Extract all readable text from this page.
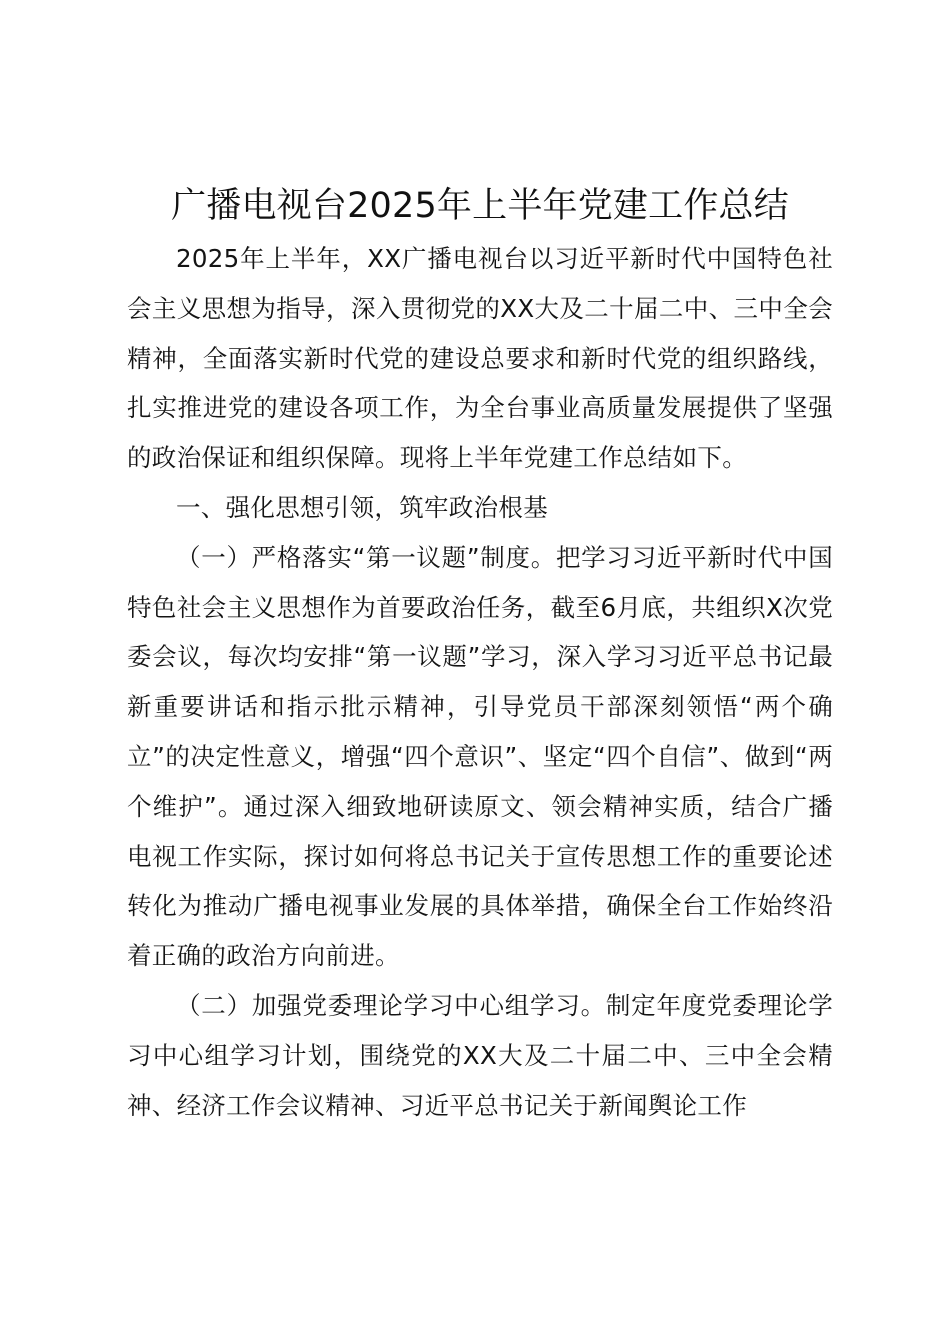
广播电视台2025年上半年党建工作总结

2025年上半年，XX广播电视台以习近平新时代中国特色社会主义思想为指导，深入贯彻党的XX大及二十届二中、三中全会精神，全面落实新时代党的建设总要求和新时代党的组织路线，扎实推进党的建设各项工作，为全台事业高质量发展提供了坚强的政治保证和组织保障。现将上半年党建工作总结如下。

一、强化思想引领，筑牢政治根基

（一）严格落实“第一议题”制度。把学习习近平新时代中国特色社会主义思想作为首要政治任务，截至6月底，共组织X次党委会议，每次均安排“第一议题”学习，深入学习习近平总书记最新重要讲话和指示批示精神，引导党员干部深刻领悟“两个确立”的决定性意义，增强“四个意识”、坚定“四个自信”、做到“两个维护”。通过深入细致地研读原文、领会精神实质，结合广播电视工作实际，探讨如何将总书记关于宣传思想工作的重要论述转化为推动广播电视事业发展的具体举措，确保全台工作始终沿着正确的政治方向前进。

（二）加强党委理论学习中心组学习。制定年度党委理论学习中心组学习计划，围绕党的XX大及二十届二中、三中全会精神、经济工作会议精神、习近平总书记关于新闻舆论工作
